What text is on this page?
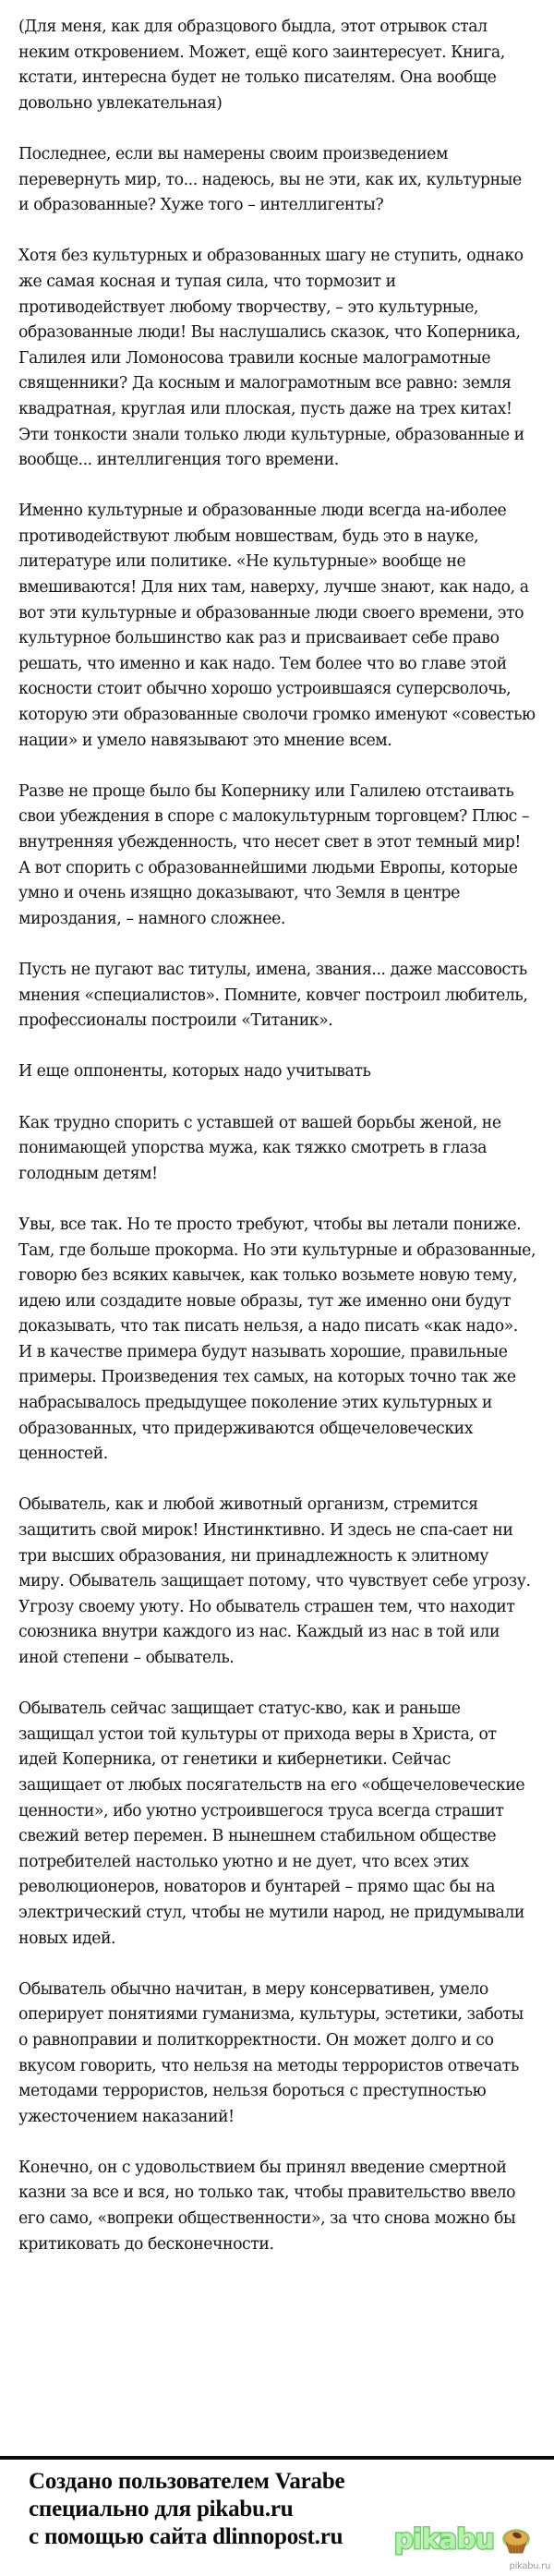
(Для меня, как для образцового быдла, этот отрывок стал неким откровением. Может, ещё кого заинтересует. Книга, кстати, интересна будет не только писателям. Она вообще довольно увлекательная)

Последнее, если вы намерены своим произведением перевернуть мир, то... надеюсь, вы не эти, как их, культурные и образованные? Хуже того – интеллигенты?

Хотя без культурных и образованных шагу не ступить, однако же самая косная и тупая сила, что тормозит и противодействует любому творчеству, – это культурные, образованные люди! Вы наслушались сказок, что Коперника, Галилея или Ломоносова травили косные малограмотные священники? Да косным и малограмотным все равно: земля квадратная, круглая или плоская, пусть даже на трех китах! Эти тонкости знали только люди культурные, образованные и вообще... интеллигенция того времени.

Именно культурные и образованные люди всегда на-иболее противодействуют любым новшествам, будь это в науке, литературе или политике. «Не культурные» вообще не вмешиваются! Для них там, наверху, лучше знают, как надо, а вот эти культурные и образованные люди своего времени, это культурное большинство как раз и присваивает себе право решать, что именно и как надо. Тем более что во главе этой косности стоит обычно хорошо устроившаяся суперсволочь, которую эти образованные сволочи громко именуют «совестью нации» и умело навязывают это мнение всем.

Разве не проще было бы Копернику или Галилею отстаивать свои убеждения в споре с малокультурным торговцем? Плюс – внутренняя убежденность, что несет свет в этот темный мир! А вот спорить с образованнейшими людьми Европы, которые умно и очень изящно доказывают, что Земля в центре мироздания, – намного сложнее.

Пусть не пугают вас титулы, имена, звания... даже массовость мнения «специалистов». Помните, ковчег построил любитель, профессионалы построили «Титаник».

И еще оппоненты, которых надо учитывать

Как трудно спорить с уставшей от вашей борьбы женой, не понимающей упорства мужа, как тяжко смотреть в глаза голодным детям!

Увы, все так. Но те просто требуют, чтобы вы летали пониже. Там, где больше прокорма. Но эти культурные и образованные, говорю без всяких кавычек, как только возьмете новую тему, идею или создадите новые образы, тут же именно они будут доказывать, что так писать нельзя, а надо писать «как надо». И в качестве примера будут называть хорошие, правильные примеры. Произведения тех самых, на которых точно так же набрасывалось предыдущее поколение этих культурных и образованных, что придерживаются общечеловеческих ценностей.

Обыватель, как и любой животный организм, стремится защитить свой мирок! Инстинктивно. И здесь не спа-сает ни три высших образования, ни принадлежность к элитному миру. Обыватель защищает потому, что чувствует себе угрозу. Угрозу своему уюту. Но обыватель страшен тем, что находит союзника внутри каждого из нас. Каждый из нас в той или иной степени – обыватель.

Обыватель сейчас защищает статус-кво, как и раньше защищал устои той культуры от прихода веры в Христа, от идей Коперника, от генетики и кибернетики. Сейчас защищает от любых посягательств на его «общечеловеческие ценности», ибо уютно устроившегося труса всегда страшит свежий ветер перемен. В нынешнем стабильном обществе потребителей настолько уютно и не дует, что всех этих революционеров, новаторов и бунтарей – прямо щас бы на электрический стул, чтобы не мутили народ, не придумывали новых идей.

Обыватель обычно начитан, в меру консервативен, умело оперирует понятиями гуманизма, культуры, эстетики, заботы о равноправии и политкорректности. Он может долго и со вкусом говорить, что нельзя на методы террористов отвечать методами террористов, нельзя бороться с преступностью ужесточением наказаний!

Конечно, он с удовольствием бы принял введение смертной казни за все и вся, но только так, чтобы правительство ввело его само, «вопреки общественности», за что снова можно бы критиковать до бесконечности.

Создано пользователем Varabe
специально для pikabu.ru
с помощью сайта dlinnopost.ru	pikabu
pikabu.ru
